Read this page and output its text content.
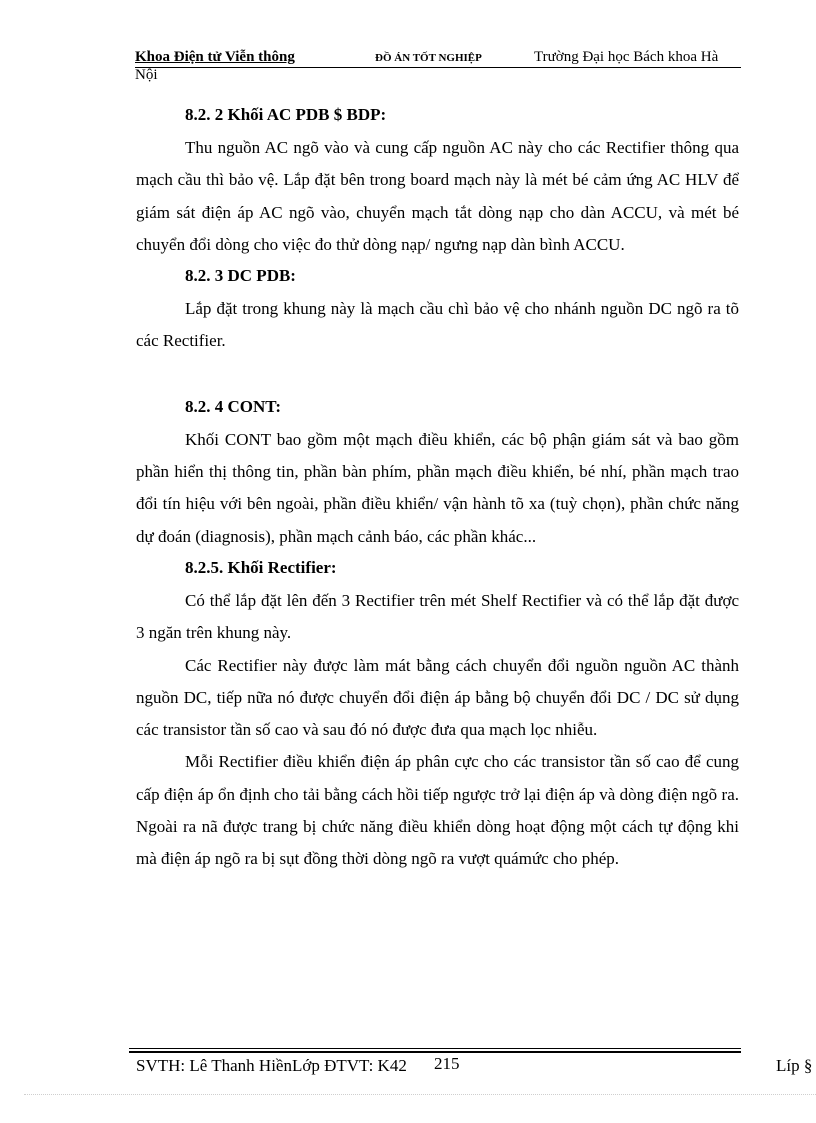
Khoa Điện tử Viễn thông	ĐỒ ÁN TỐT NGHIỆP	Trường Đại học Bách khoa Hà
Nội
8.2. 2 Khối AC PDB $ BDP:

Thu nguồn AC ngõ vào và cung cấp nguồn AC này cho các Rectifier thông qua mạch cầu thì bảo vệ. Lắp đặt bên trong board mạch này là mét bé cảm ứng AC HLV để giám sát điện áp AC ngõ vào, chuyển mạch tắt dòng nạp cho dàn ACCU, và mét bé chuyển đổi dòng cho việc đo thử dòng nạp/ ngưng nạp dàn bình ACCU.

8.2. 3 DC PDB:

Lắp đặt trong khung này là mạch cầu chì bảo vệ cho nhánh nguồn DC ngõ ra tõ các Rectifier.

8.2. 4 CONT:

Khối CONT bao gồm một mạch điều khiển, các bộ phận giám sát và bao gồm phần hiển thị thông tin, phần bàn phím, phần mạch điều khiển, bé nhí, phần mạch trao đổi tín hiệu với bên ngoài, phần điều khiển/ vận hành tõ xa (tuỳ chọn), phần chức năng dự đoán (diagnosis), phần mạch cảnh báo, các phần khác...

8.2.5. Khối Rectifier:

Có thể lắp đặt lên đến 3 Rectifier trên mét Shelf Rectifier và có thể lắp đặt được 3 ngăn trên khung này.

Các Rectifier này được làm mát bằng cách chuyển đổi nguồn nguồn AC thành nguồn DC, tiếp nữa nó được chuyển đổi điện áp bằng bộ chuyển đổi DC / DC sử dụng các transistor tần số cao và sau đó nó được đưa qua mạch lọc nhiễu.

Mỗi Rectifier điều khiển điện áp phân cực cho các transistor tần số cao để cung cấp điện áp ổn định cho tải bằng cách hồi tiếp ngược trở lại điện áp và dòng điện ngõ ra. Ngoài ra nã được trang bị chức năng điều khiển dòng hoạt động một cách tự động khi mà điện áp ngõ ra bị sụt đồng thời dòng ngõ ra vượt quámức cho phép.

SVTH: Lê Thanh HiềnLớp ĐTVT: K42 215	Líp §
